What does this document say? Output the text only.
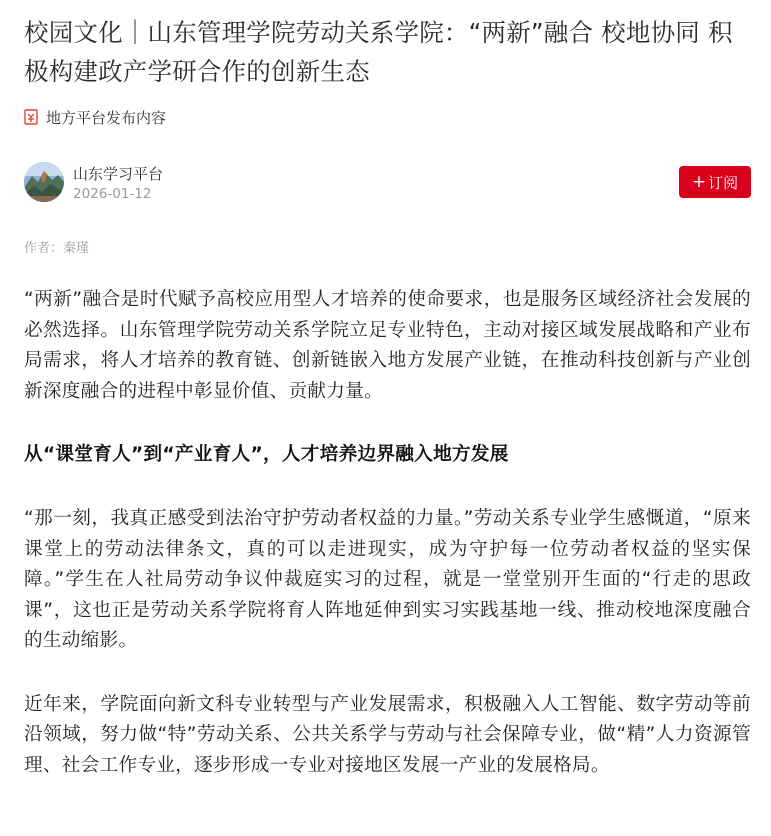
校园文化｜山东管理学院劳动关系学院：“两新”融合 校地协同 积极构建政产学研合作的创新生态
地方平台发布内容
山东学习平台
2026-01-12
+ 订阅
作者：秦瑾

“两新”融合是时代赋予高校应用型人才培养的使命要求，也是服务区域经济社会发展的必然选择。山东管理学院劳动关系学院立足专业特色，主动对接区域发展战略和产业布局需求，将人才培养的教育链、创新链嵌入地方发展产业链，在推动科技创新与产业创新深度融合的进程中彰显价值、贡献力量。

从“课堂育人”到“产业育人”，人才培养边界融入地方发展

“那一刻，我真正感受到法治守护劳动者权益的力量。”劳动关系专业学生感慨道，“原来课堂上的劳动法律条文，真的可以走进现实，成为守护每一位劳动者权益的坚实保障。”学生在人社局劳动争议仲裁庭实习的过程，就是一堂堂别开生面的“行走的思政课”，这也正是劳动关系学院将育人阵地延伸到实习实践基地一线、推动校地深度融合的生动缩影。

近年来，学院面向新文科专业转型与产业发展需求，积极融入人工智能、数字劳动等前沿领域，努力做“特”劳动关系、公共关系学与劳动与社会保障专业，做“精”人力资源管理、社会工作专业，逐步形成一专业对接地区发展一产业的发展格局。
